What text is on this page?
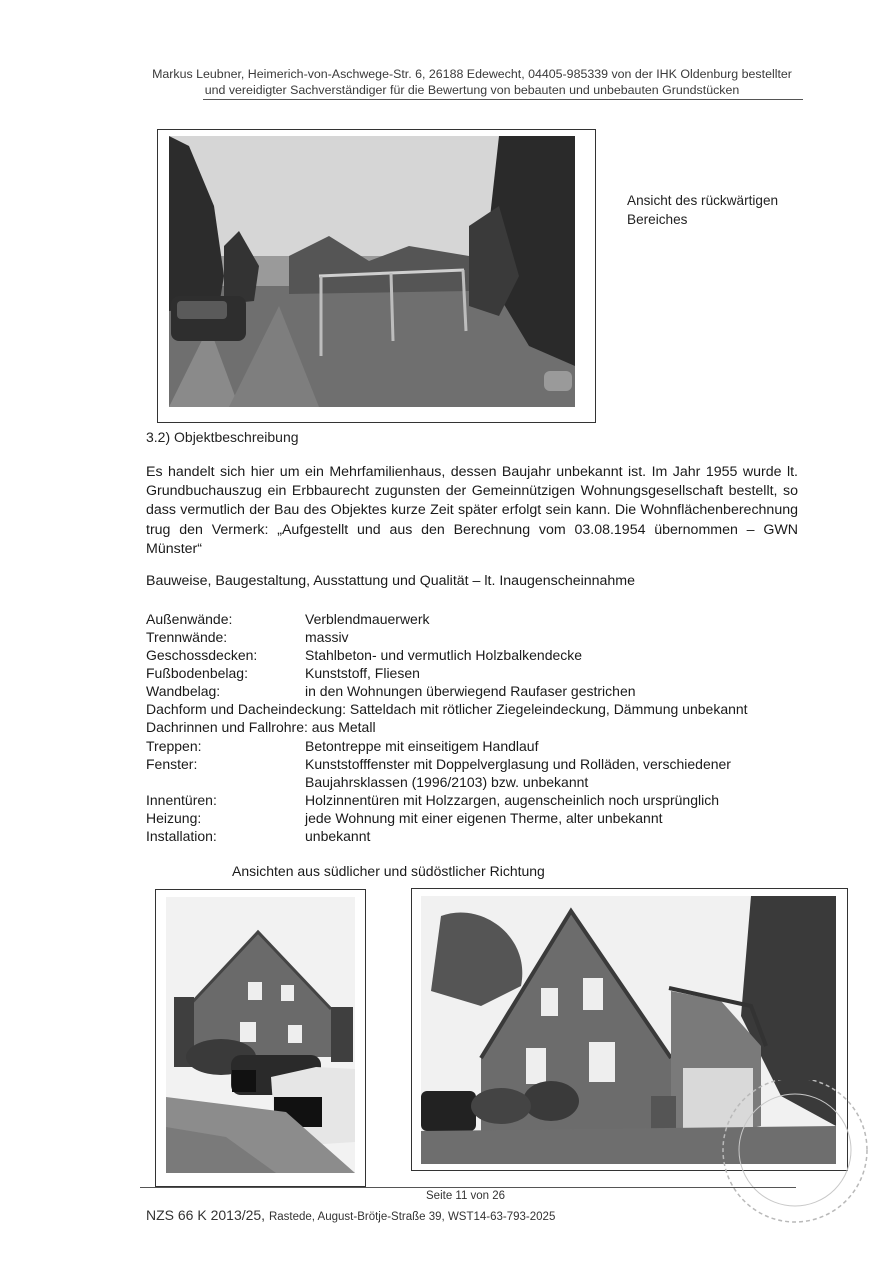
Markus Leubner, Heimerich-von-Aschwege-Str. 6, 26188 Edewecht, 04405-985339 von der IHK Oldenburg bestellter
und vereidigter Sachverständiger für die Bewertung von bebauten und unbebauten Grundstücken
Ansicht des rückwärtigen
Bereiches
3.2) Objektbeschreibung
Es handelt sich hier um ein Mehrfamilienhaus, dessen Baujahr unbekannt ist. Im Jahr 1955 wurde lt. Grundbuchauszug ein Erbbaurecht zugunsten der Gemeinnützigen Wohnungsgesellschaft bestellt, so dass vermutlich der Bau des Objektes kurze Zeit später erfolgt sein kann. Die Wohnflächenberechnung trug den Vermerk: „Aufgestellt und aus den Berechnung vom 03.08.1954 übernommen – GWN Münster“
Bauweise, Baugestaltung, Ausstattung und Qualität – lt. Inaugenscheinnahme
Außenwände:	Verblendmauerwerk
Trennwände:	massiv
Geschossdecken:	Stahlbeton- und vermutlich Holzbalkendecke
Fußbodenbelag:	Kunststoff, Fliesen
Wandbelag:	in den Wohnungen überwiegend Raufaser gestrichen
Dachform und Dacheindeckung: Satteldach mit rötlicher Ziegeleindeckung, Dämmung unbekannt
Dachrinnen und Fallrohre: aus Metall
Treppen:	Betontreppe mit einseitigem Handlauf
Fenster:	Kunststofffenster mit Doppelverglasung und Rolläden, verschiedener
Baujahrsklassen (1996/2103) bzw. unbekannt
Innentüren:	Holzinnentüren mit Holzzargen, augenscheinlich noch ursprünglich
Heizung:	jede Wohnung mit einer eigenen Therme, alter unbekannt
Installation:	unbekannt
Ansichten aus südlicher und südöstlicher Richtung
Seite 11 von 26
NZS 66 K 2013/25, Rastede, August-Brötje-Straße 39, WST14-63-793-2025
